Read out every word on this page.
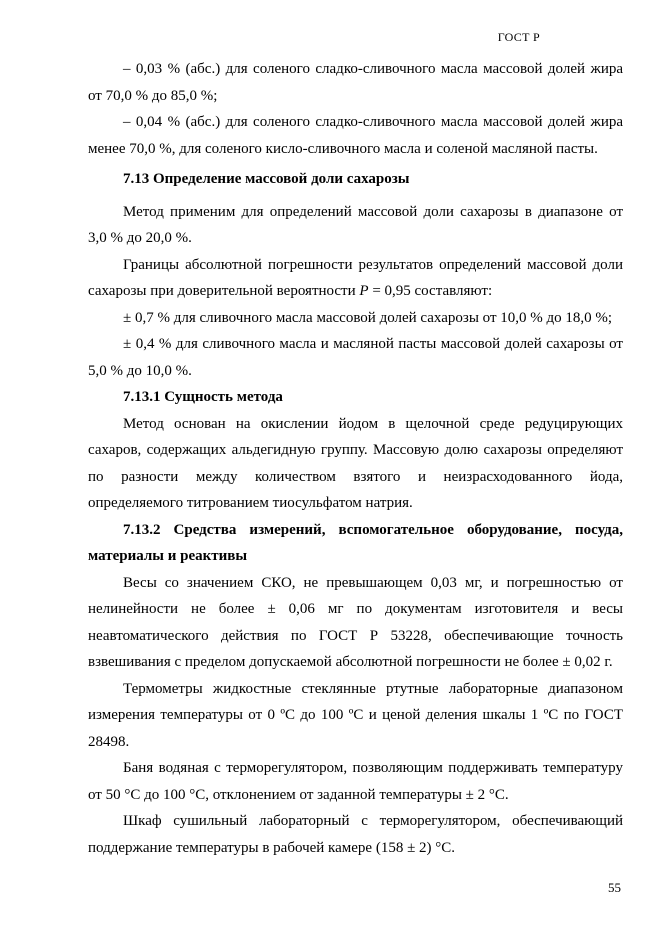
ГОСТ Р

– 0,03 % (абс.) для соленого сладко-сливочного масла массовой долей жира от 70,0 % до 85,0 %;

– 0,04 % (абс.) для соленого сладко-сливочного масла массовой долей жира менее 70,0 %, для соленого кисло-сливочного масла и соленой масляной пасты.

7.13 Определение массовой доли сахарозы

Метод применим для определений массовой доли сахарозы в диапазоне от 3,0 % до 20,0 %.

Границы абсолютной погрешности результатов определений массовой доли сахарозы при доверительной вероятности P = 0,95 составляют:

± 0,7 % для сливочного масла массовой долей сахарозы от 10,0 % до 18,0 %;

± 0,4 % для сливочного масла и масляной пасты массовой долей сахарозы от 5,0 % до 10,0 %.

7.13.1 Сущность метода

Метод основан на окислении йодом в щелочной среде редуцирующих сахаров, содержащих альдегидную группу. Массовую долю сахарозы определяют по разности между количеством взятого и неизрасходованного йода, определяемого титрованием тиосульфатом натрия.

7.13.2 Средства измерений, вспомогательное оборудование, посуда, материалы и реактивы

Весы со значением СКО, не превышающем 0,03 мг, и погрешностью от нелинейности не более ± 0,06 мг по документам изготовителя и весы неавтоматического действия по ГОСТ Р 53228, обеспечивающие точность взвешивания с пределом допускаемой абсолютной погрешности не более ± 0,02 г.

Термометры жидкостные стеклянные ртутные лабораторные диапазоном измерения температуры от 0 ºС до 100 ºС и ценой деления шкалы 1 ºС по ГОСТ 28498.

Баня водяная с терморегулятором, позволяющим поддерживать температуру от 50 °С до 100 °С, отклонением от заданной температуры ± 2 °С.

Шкаф сушильный лабораторный с терморегулятором, обеспечивающий поддержание температуры в рабочей камере (158 ± 2) °С.

55
